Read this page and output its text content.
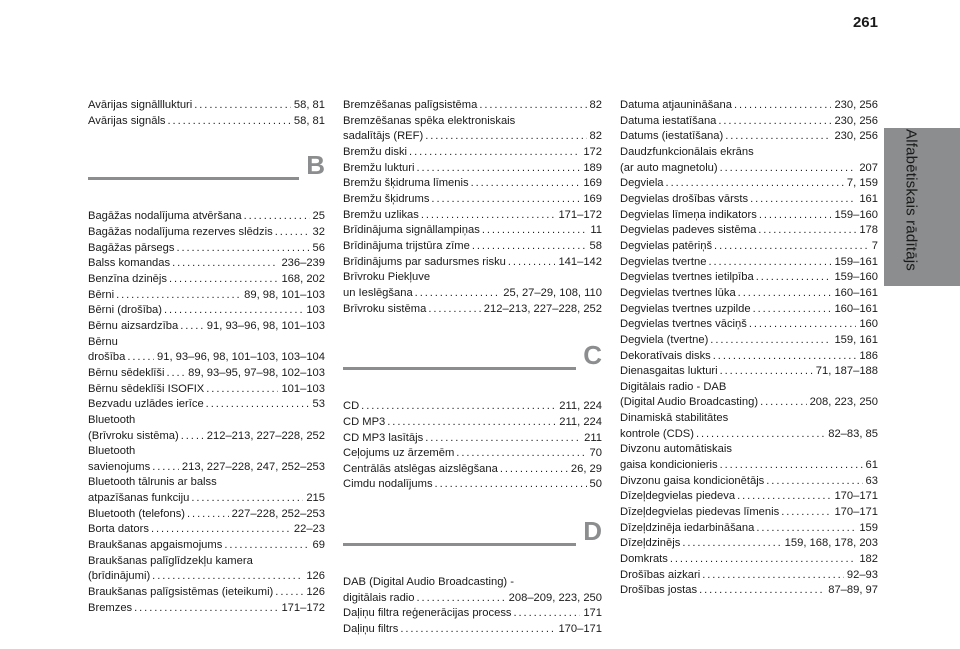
261
Alfabētiskais rādītājs
Avārijas signālllukturi . . .	58, 81
Avārijas signāls . . .	58, 81
B
Bagāžas nodalījuma atvēršana . . .	25
Bagāžas nodalījuma rezerves slēdzis . . .	32
Bagāžas pārsegs . . .	56
Balss komandas . . .	236–239
Benzīna dzinējs . . .	168, 202
Bērni . . .	89, 98, 101–103
Bērni (drošība) . . .	103
Bērnu aizsardzība . . .	91, 93–96, 98, 101–103
Bērnu
drošība . . .	91, 93–96, 98, 101–103, 103–104
Bērnu sēdeklīši . . . 89, 93–95, 97–98, 102–103
Bērnu sēdeklīši ISOFIX . . .	101–103
Bezvadu uzlādes ierīce . . .	53
Bluetooth
(Brīvroku sistēma) . . .	212–213, 227–228, 252
Bluetooth
savienojums . . .	213, 227–228, 247, 252–253
Bluetooth tālrunis ar balss
atpazīšanas funkciju . . .	215
Bluetooth (telefons) . . .	227–228, 252–253
Borta dators . . .	22–23
Braukšanas apgaismojums . . .	69
Braukšanas palīglīdzekļu kamera
(brīdinājumi) . . .	126
Braukšanas palīgsistēmas (ieteikumi) . . .	126
Bremzes . . .	171–172
Bremzēšanas palīgsistēma . . .	82
Bremzēšanas spēka elektroniskais
sadalītājs (REF) . . .	82
Bremžu diski . . .	172
Bremžu lukturi . . .	189
Bremžu šķidruma līmenis . . .	169
Bremžu šķidrums . . .	169
Bremžu uzlikas . . .	171–172
Brīdinājuma signāllampiņas . . .	11
Brīdinājuma trijstūra zīme . . .	58
Brīdinājums par sadursmes risku . . .	141–142
Brīvroku Piekļuve
un Ieslēgšana . . .	25, 27–29, 108, 110
Brīvroku sistēma . . .	212–213, 227–228, 252
C
CD . . .	211, 224
CD MP3 . . .	211, 224
CD MP3 lasītājs . . .	211
Ceļojums uz ārzemēm . . .	70
Centrālās atslēgas aizslēgšana . . .	26, 29
Cimdu nodalījums . . .	50
D
DAB (Digital Audio Broadcasting) -
digitālais radio . . .	208–209, 223, 250
Daļiņu filtra reģenerācijas process . . .	171
Daļiņu filtrs . . .	170–171
Datuma atjaunināšana . . .	230, 256
Datuma iestatīšana . . .	230, 256
Datums (iestatīšana) . . .	230, 256
Daudzfunkcionālais ekrāns
(ar auto magnetolu) . . .	207
Degviela . . .	7, 159
Degvielas drošības vārsts . . .	161
Degvielas līmeņa indikators . . .	159–160
Degvielas padeves sistēma . . .	178
Degvielas patēriņš . . .	7
Degvielas tvertne . . .	159–161
Degvielas tvertnes ietilpība . . .	159–160
Degvielas tvertnes lūka . . .	160–161
Degvielas tvertnes uzpilde . . .	160–161
Degvielas tvertnes vāciņš . . .	160
Degviela (tvertne) . . .	159, 161
Dekoratīvais disks . . .	186
Dienasgaitas lukturi . . .	71, 187–188
Digitālais radio - DAB
(Digital Audio Broadcasting) . . .	208, 223, 250
Dinamiskā stabilitātes
kontrole (CDS) . . .	82–83, 85
Divzonu automātiskais
gaisa kondicionieris . . .	61
Divzonu gaisa kondicionētājs . . .	63
Dīzeļdegvielas piedeva . . .	170–171
Dīzeļdegvielas piedevas līmenis . . .	170–171
Dīzeļdzinēja iedarbināšana . . .	159
Dīzeļdzinējs . . .	159, 168, 178, 203
Domkrats . . .	182
Drošības aizkari . . .	92–93
Drošības jostas . . .	87–89, 97
